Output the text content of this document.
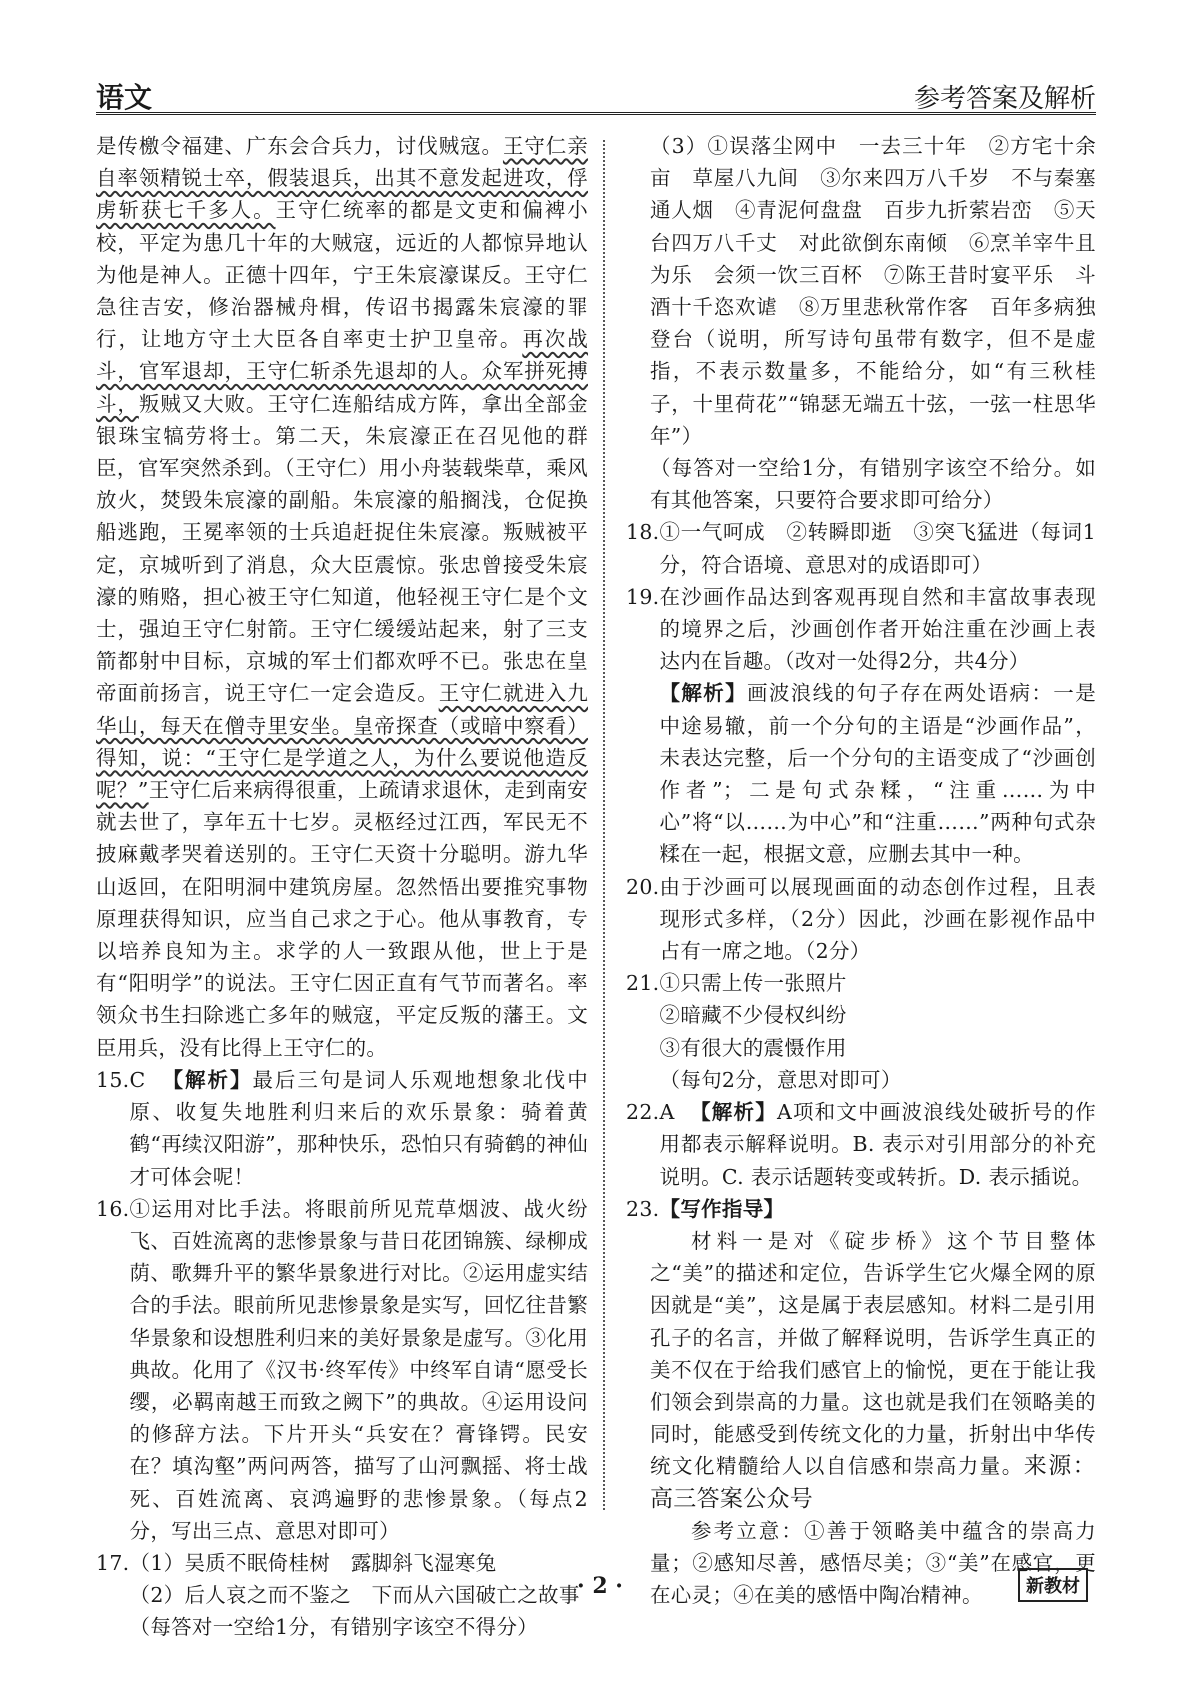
语文	参考答案及解析

是传檄令福建、广东会合兵力，讨伐贼寇。王守仁亲自率领精锐士卒，假装退兵，出其不意发起进攻，俘虏斩获七千多人。王守仁统率的都是文吏和偏裨小校，平定为患几十年的大贼寇，远近的人都惊异地认为他是神人。正德十四年，宁王朱宸濠谋反。王守仁急往吉安，修治器械舟楫，传诏书揭露朱宸濠的罪行，让地方守土大臣各自率吏士护卫皇帝。再次战斗，官军退却，王守仁斩杀先退却的人。众军拼死搏斗，叛贼又大败。王守仁连船结成方阵，拿出全部金银珠宝犒劳将士。第二天，朱宸濠正在召见他的群臣，官军突然杀到。（王守仁）用小舟装载柴草，乘风放火，焚毁朱宸濠的副船。朱宸濠的船搁浅，仓促换船逃跑，王冕率领的士兵追赶捉住朱宸濠。叛贼被平定，京城听到了消息，众大臣震惊。张忠曾接受朱宸濠的贿赂，担心被王守仁知道，他轻视王守仁是个文士，强迫王守仁射箭。王守仁缓缓站起来，射了三支箭都射中目标，京城的军士们都欢呼不已。张忠在皇帝面前扬言，说王守仁一定会造反。王守仁就进入九华山，每天在僧寺里安坐。皇帝探查（或暗中察看）得知，说：“王守仁是学道之人，为什么要说他造反呢？”王守仁后来病得很重，上疏请求退休，走到南安就去世了，享年五十七岁。灵柩经过江西，军民无不披麻戴孝哭着送别的。王守仁天资十分聪明。游九华山返回，在阳明洞中建筑房屋。忽然悟出要推究事物原理获得知识，应当自己求之于心。他从事教育，专以培养良知为主。求学的人一致跟从他，世上于是有“阳明学”的说法。王守仁因正直有气节而著名。率领众书生扫除逃亡多年的贼寇，平定反叛的藩王。文臣用兵，没有比得上王守仁的。

15. C 【解析】最后三句是词人乐观地想象北伐中原、收复失地胜利归来后的欢乐景象：骑着黄鹤“再续汉阳游”，那种快乐，恐怕只有骑鹤的神仙才可体会呢！

16. ①运用对比手法。将眼前所见荒草烟波、战火纷飞、百姓流离的悲惨景象与昔日花团锦簇、绿柳成荫、歌舞升平的繁华景象进行对比。②运用虚实结合的手法。眼前所见悲惨景象是实写，回忆往昔繁华景象和设想胜利归来的美好景象是虚写。③化用典故。化用了《汉书·终军传》中终军自请“愿受长缨，必羁南越王而致之阙下”的典故。④运用设问的修辞方法。下片开头“兵安在？膏锋锷。民安在？填沟壑”两问两答，描写了山河飘摇、将士战死、百姓流离、哀鸿遍野的悲惨景象。（每点2分，写出三点、意思对即可）

17. （1）吴质不眠倚桂树　露脚斜飞湿寒兔

（2）后人哀之而不鉴之　下而从六国破亡之故事

（每答对一空给1分，有错别字该空不得分）

（3）①误落尘网中　一去三十年　②方宅十余亩　草屋八九间　③尔来四万八千岁　不与秦塞通人烟　④青泥何盘盘　百步九折萦岩峦　⑤天台四万八千丈　对此欲倒东南倾　⑥烹羊宰牛且为乐　会须一饮三百杯　⑦陈王昔时宴平乐　斗酒十千恣欢谑　⑧万里悲秋常作客　百年多病独登台（说明，所写诗句虽带有数字，但不是虚指，不表示数量多，不能给分，如“有三秋桂子，十里荷花”“锦瑟无端五十弦，一弦一柱思华年”）

（每答对一空给1分，有错别字该空不给分。如有其他答案，只要符合要求即可给分）

18. ①一气呵成　②转瞬即逝　③突飞猛进（每词1分，符合语境、意思对的成语即可）

19. 在沙画作品达到客观再现自然和丰富故事表现的境界之后，沙画创作者开始注重在沙画上表达内在旨趣。（改对一处得2分，共4分）

【解析】画波浪线的句子存在两处语病：一是中途易辙，前一个分句的主语是“沙画作品”，未表达完整，后一个分句的主语变成了“沙画创作者”；二是句式杂糅，“注重……为中心”将“以……为中心”和“注重……”两种句式杂糅在一起，根据文意，应删去其中一种。

20. 由于沙画可以展现画面的动态创作过程，且表现形式多样，（2分）因此，沙画在影视作品中占有一席之地。（2分）

21. ①只需上传一张照片

②暗藏不少侵权纠纷

③有很大的震慑作用

（每句2分，意思对即可）

22. A 【解析】A项和文中画波浪线处破折号的作用都表示解释说明。B. 表示对引用部分的补充说明。C. 表示话题转变或转折。D. 表示插说。

23. 【写作指导】

材料一是对《碇步桥》这个节目整体之“美”的描述和定位，告诉学生它火爆全网的原因就是“美”，这是属于表层感知。材料二是引用孔子的名言，并做了解释说明，告诉学生真正的美不仅在于给我们感官上的愉悦，更在于能让我们领会到崇高的力量。这也就是我们在领略美的同时，能感受到传统文化的力量，折射出中华传统文化精髓给人以自信感和崇高力量。来源：高三答案公众号

参考立意：①善于领略美中蕴含的崇高力量；②感知尽善，感悟尽美；③“美”在感官，更在心灵；④在美的感悟中陶冶精神。

· 2 ·	新教材
